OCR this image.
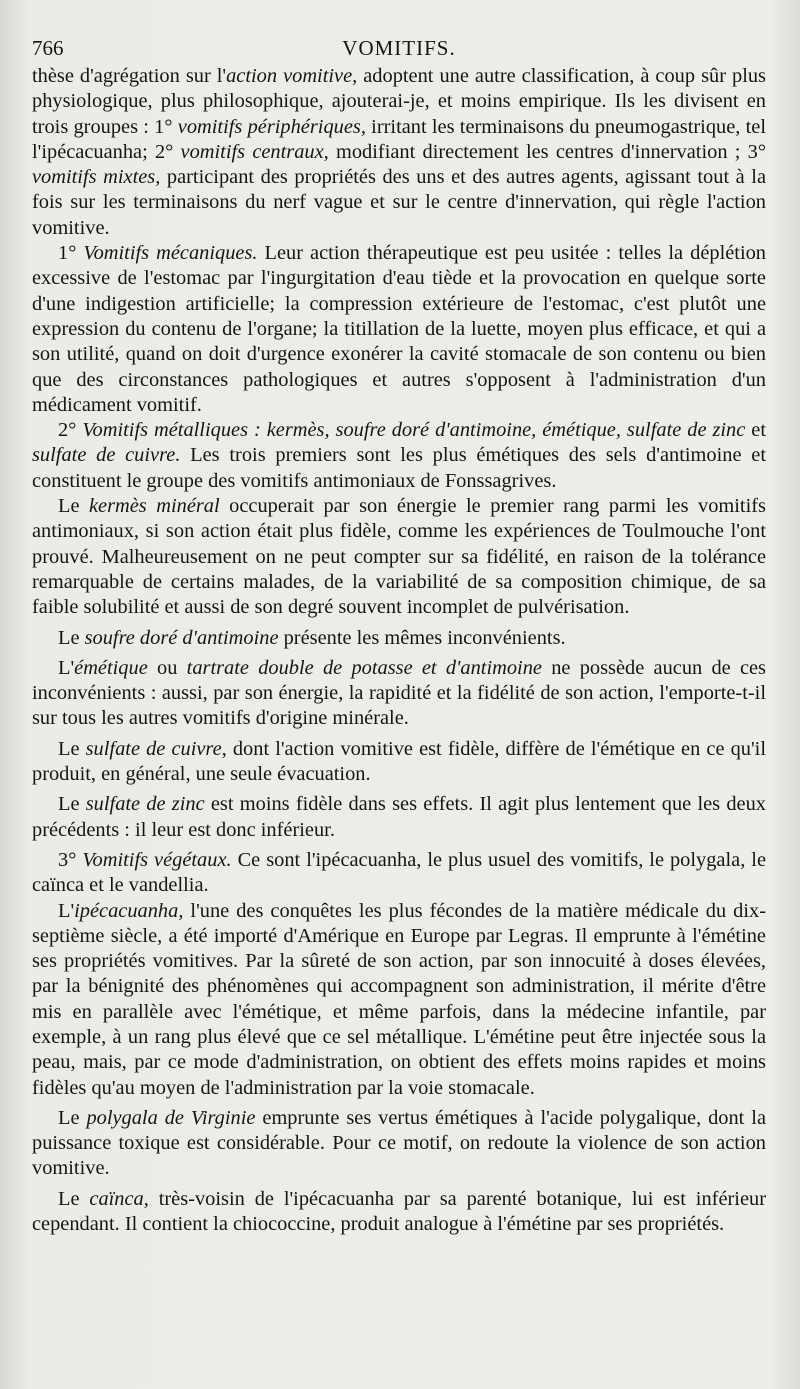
766	VOMITIFS.

thèse d'agrégation sur l'action vomitive, adoptent une autre classification, à coup sûr plus physiologique, plus philosophique, ajouterai-je, et moins empirique. Ils les divisent en trois groupes : 1° vomitifs périphériques, irritant les terminaisons du pneumogastrique, tel l'ipécacuanha; 2° vomitifs centraux, modifiant directement les centres d'innervation ; 3° vomitifs mixtes, participant des propriétés des uns et des autres agents, agissant tout à la fois sur les terminaisons du nerf vague et sur le centre d'innervation, qui règle l'action vomitive.

1° Vomitifs mécaniques. Leur action thérapeutique est peu usitée : telles la déplétion excessive de l'estomac par l'ingurgitation d'eau tiède et la provocation en quelque sorte d'une indigestion artificielle; la compression extérieure de l'estomac, c'est plutôt une expression du contenu de l'organe; la titillation de la luette, moyen plus efficace, et qui a son utilité, quand on doit d'urgence exonérer la cavité stomacale de son contenu ou bien que des circonstances pathologiques et autres s'opposent à l'administration d'un médicament vomitif.

2° Vomitifs métalliques : kermès, soufre doré d'antimoine, émétique, sulfate de zinc et sulfate de cuivre. Les trois premiers sont les plus émétiques des sels d'antimoine et constituent le groupe des vomitifs antimoniaux de Fonssagrives.

Le kermès minéral occuperait par son énergie le premier rang parmi les vomitifs antimoniaux, si son action était plus fidèle, comme les expériences de Toulmouche l'ont prouvé. Malheureusement on ne peut compter sur sa fidélité, en raison de la tolérance remarquable de certains malades, de la variabilité de sa composition chimique, de sa faible solubilité et aussi de son degré souvent incomplet de pulvérisation.

Le soufre doré d'antimoine présente les mêmes inconvénients.

L'émétique ou tartrate double de potasse et d'antimoine ne possède aucun de ces inconvénients : aussi, par son énergie, la rapidité et la fidélité de son action, l'emporte-t-il sur tous les autres vomitifs d'origine minérale.

Le sulfate de cuivre, dont l'action vomitive est fidèle, diffère de l'émétique en ce qu'il produit, en général, une seule évacuation.

Le sulfate de zinc est moins fidèle dans ses effets. Il agit plus lentement que les deux précédents : il leur est donc inférieur.

3° Vomitifs végétaux. Ce sont l'ipécacuanha, le plus usuel des vomitifs, le polygala, le caïnca et le vandellia.

L'ipécacuanha, l'une des conquêtes les plus fécondes de la matière médicale du dix-septième siècle, a été importé d'Amérique en Europe par Legras. Il emprunte à l'émétine ses propriétés vomitives. Par la sûreté de son action, par son innocuité à doses élevées, par la bénignité des phénomènes qui accompagnent son administration, il mérite d'être mis en parallèle avec l'émétique, et même parfois, dans la médecine infantile, par exemple, à un rang plus élevé que ce sel métallique. L'émétine peut être injectée sous la peau, mais, par ce mode d'administration, on obtient des effets moins rapides et moins fidèles qu'au moyen de l'administration par la voie stomacale.

Le polygala de Virginie emprunte ses vertus émétiques à l'acide polygalique, dont la puissance toxique est considérable. Pour ce motif, on redoute la violence de son action vomitive.

Le caïnca, très-voisin de l'ipécacuanha par sa parenté botanique, lui est inférieur cependant. Il contient la chiococcine, produit analogue à l'émétine par ses propriétés.
